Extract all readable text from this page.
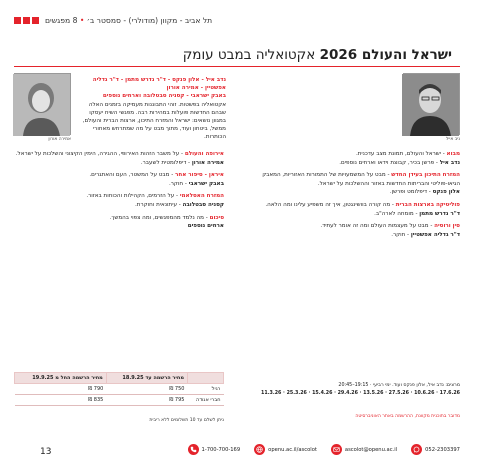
תל אביב - מקוון (מודולרי) - סמסטר ב׳ • 8 מפגשים
ישראל והעולם 2026 אקטואליה במבט עומק
ניב אייל
אמירה אורון

נדב איל - אלון פנקס - ד"ר נדרש מתמן - ד"ר גדליה אפשטיין - אמירה אורון

באבק ישראבי - קסניה סבטלובה וארחים נוספים

אקטואליה בפשטות. זוהי התבוננות מעמיקה בזמנים האלה שבהם החדשות פועלות במהירות רבה. מפגשי השיח יעסקו במגוון נושאים: ישראל והמזרח התיכון, ארצות הברית והעולם, ממשל, ביטחון ועוד, מתוך מבט על מה שמתרחש מאחורי הכותרות.

מבוא - ישראל והעולם, תמונת מצב עדכנית.
נדב איל - פרשן בכיר, קבוצת וידאו וארחים נוספים.

המזרח התיכון בעידן החדש - מבט על המשמעויות של התמורות האזוריות, המאבק הגיאו-פוליטי והבריתות החדשות באזור וההשלכות על ישראל.
אלון פנקס - דיפלומט ופרשן.

פוליטיקה בארצות הברית - מה קורה בוושינגטון, איך זה משפיע עלינו ומה הלאה.
ד"ר נדרש מתמן - מומחה לארה"ב.

סין ורוסיה - מבט על מעצמות העולם ומה זה אומר לעתיד.
ד"ר גדליה אפשטיין - חוקר.

אירופה והעולם - על משבר הזהות האירופי, ההגירה, הימין הקיצוני והשלכות על ישראל.
אמירה אורון - דיפלומטית לשעבר.

איראן - סיפור אחר - מבט על המשטר, העם והאתגרים.
באבק ישראבי - חוקר.

המזרח האסלאמי - על הזרמים, הקהילות והכוחות באזור.
קסניה סבטלובה - עיתונאית וחוקרת.

סיכום - מה נלמד מהמפגשים, ומה צפוי בהמשך.
ארחים נוספים

	מחיר הרשמה עד 18.9.25	מחיר הרשמה החל מ 19.9.25
רגיל	750 ₪	790 ₪
חברי אגודה	795 ₪	835 ₪
ניתן לשלם עד 10 תשלומים ללא ריבית

מרצים: נדב איל, אלון פנקס ועוד. ימי רביעי · 19:15–20:45

17.6.26 · 10.6.26 · 27.5.26 · 13.5.26 · 29.4.26 · 15.4.26 · 25.3.26 · 11.3.26

מדובר בתוכנית מקוונת, ההרשמה באתר האוניברסיטה
13	1-700-700-169	openu.ac.il/ascolot	ascolot@openu.ac.il	052-2303397
